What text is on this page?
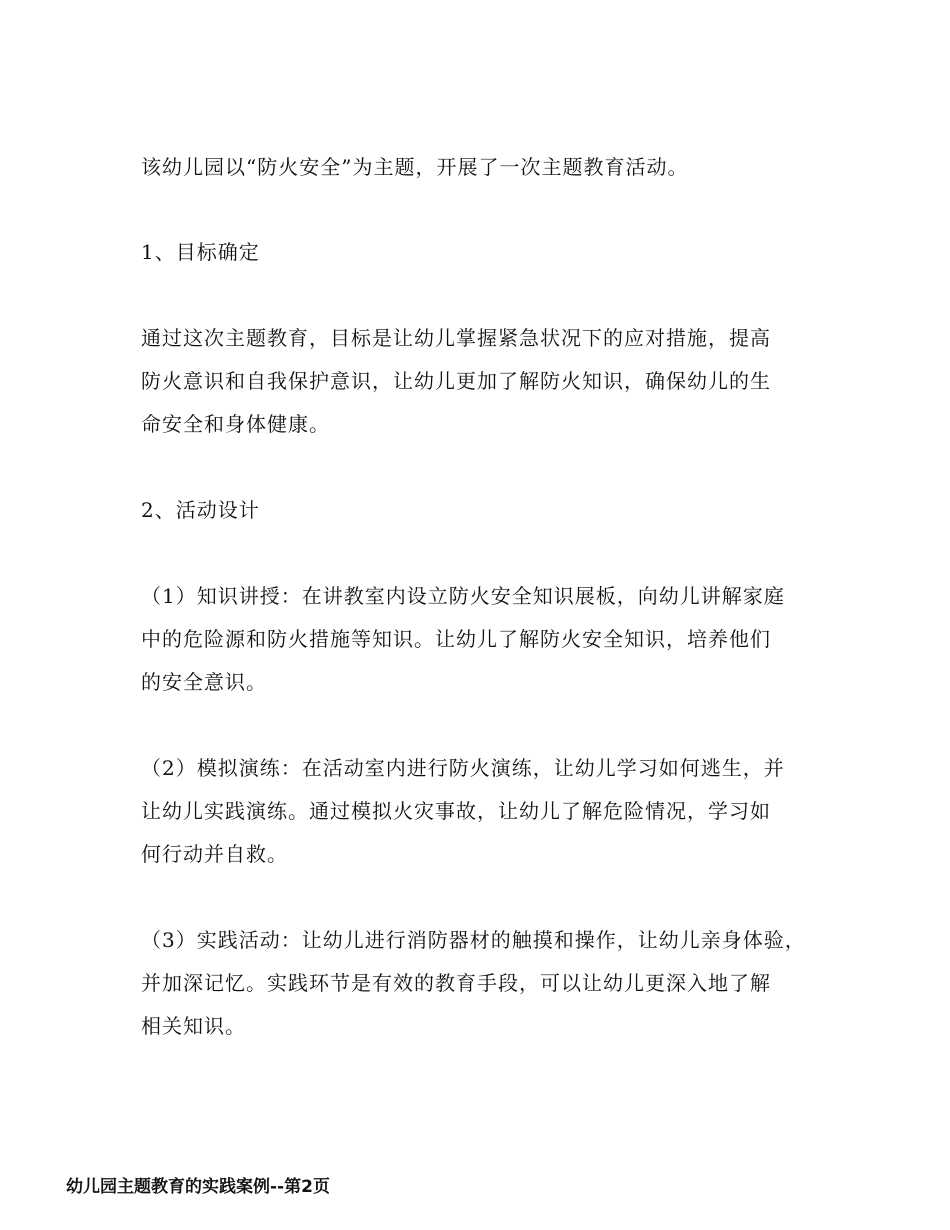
该幼儿园以“防火安全”为主题，开展了一次主题教育活动。
1、目标确定
通过这次主题教育，目标是让幼儿掌握紧急状况下的应对措施，提高
防火意识和自我保护意识，让幼儿更加了解防火知识，确保幼儿的生
命安全和身体健康。
2、活动设计
（1）知识讲授：在讲教室内设立防火安全知识展板，向幼儿讲解家庭
中的危险源和防火措施等知识。让幼儿了解防火安全知识，培养他们
的安全意识。
（2）模拟演练：在活动室内进行防火演练，让幼儿学习如何逃生，并
让幼儿实践演练。通过模拟火灾事故，让幼儿了解危险情况，学习如
何行动并自救。
（3）实践活动：让幼儿进行消防器材的触摸和操作，让幼儿亲身体验，
并加深记忆。实践环节是有效的教育手段，可以让幼儿更深入地了解
相关知识。
幼儿园主题教育的实践案例--第2页
